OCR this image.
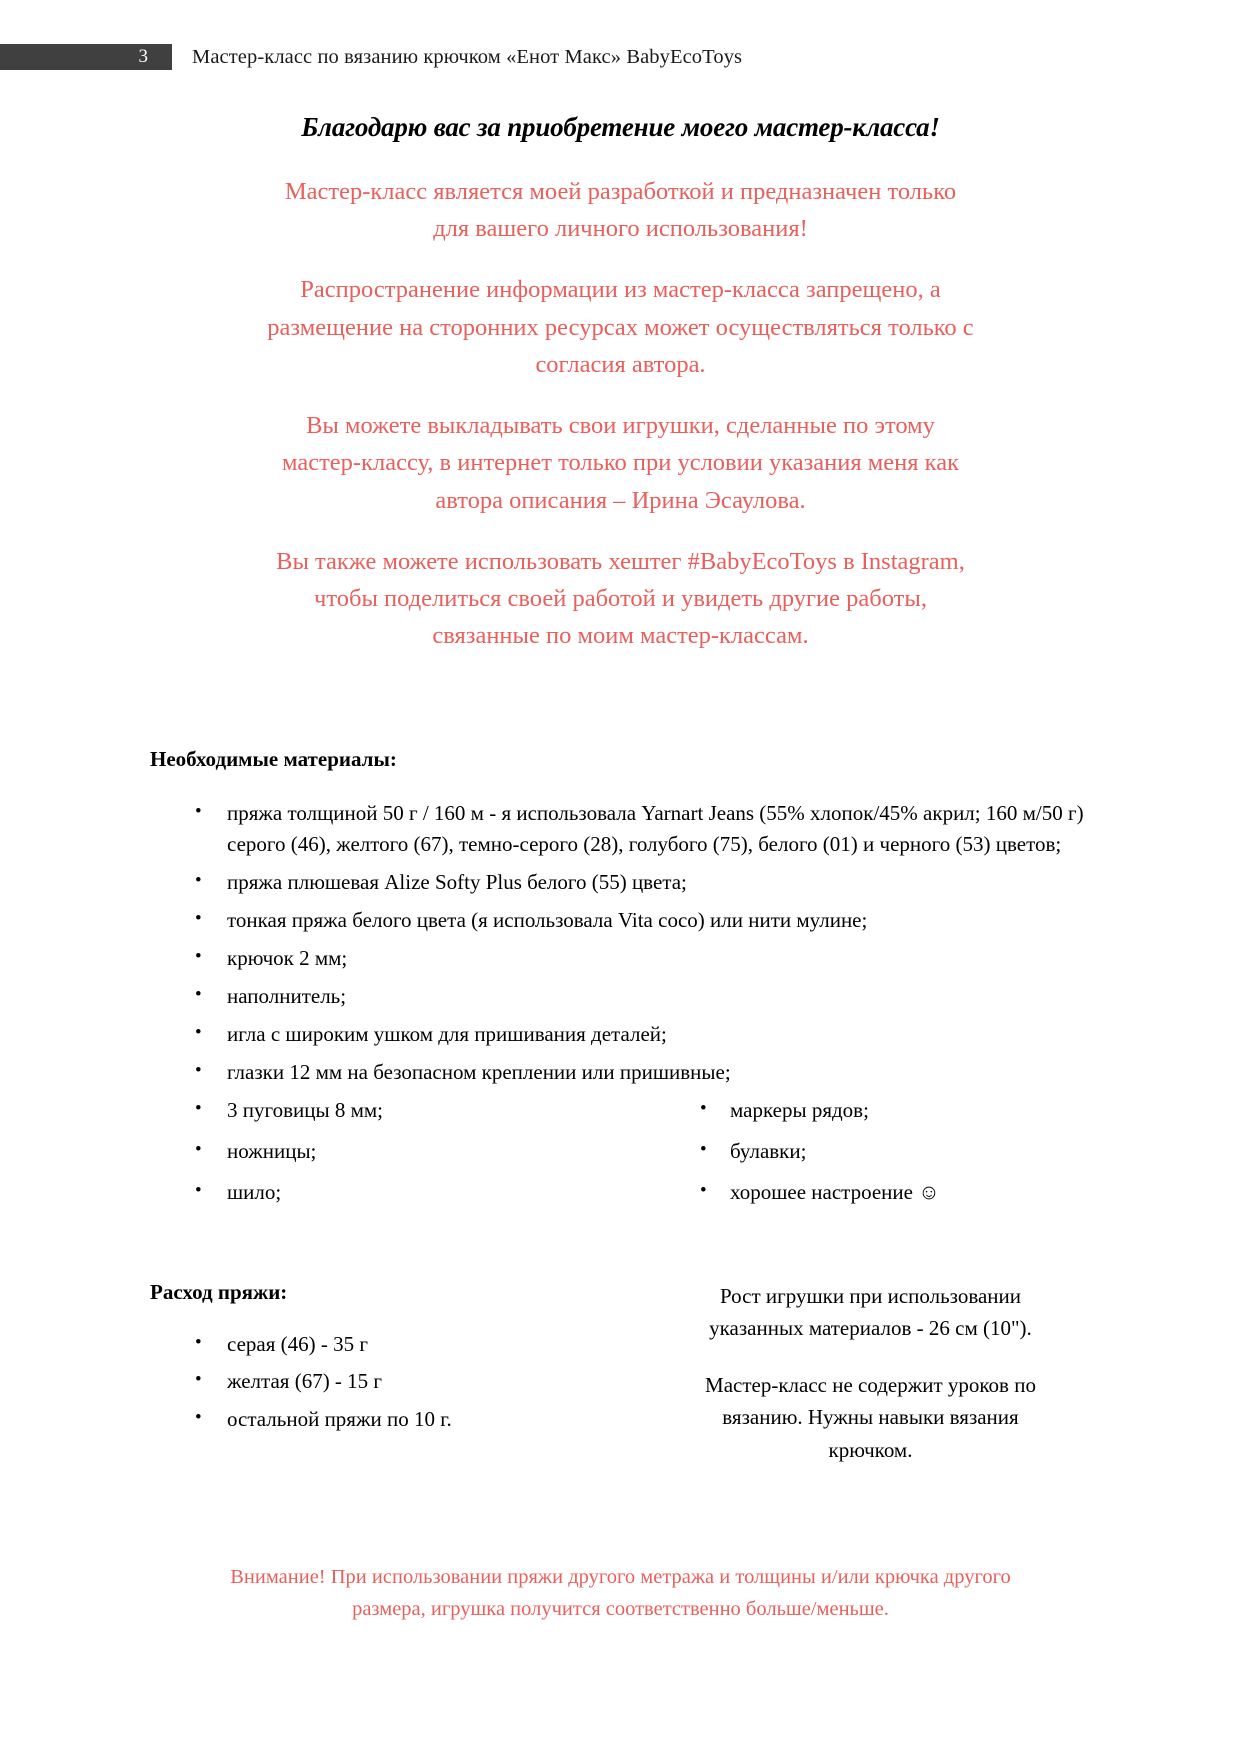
3 Мастер-класс по вязанию крючком «Енот Макс» BabyEcoToys
Благодарю вас за приобретение моего мастер-класса!

Мастер-класс является моей разработкой и предназначен только
для вашего личного использования!

Распространение информации из мастер-класса запрещено, а
размещение на сторонних ресурсах может осуществляться только с
согласия автора.

Вы можете выкладывать свои игрушки, сделанные по этому
мастер-классу, в интернет только при условии указания меня как
автора описания – Ирина Эсаулова.

Вы также можете использовать хештег #BabyEcoToys в Instagram,
чтобы поделиться своей работой и увидеть другие работы,
связанные по моим мастер-классам.

Необходимые материалы:
• пряжа толщиной 50 г / 160 м - я использовала Yarnart Jeans (55% хлопок/45% акрил; 160 м/50 г) серого (46), желтого (67), темно-серого (28), голубого (75), белого (01) и черного (53) цветов;
• пряжа плюшевая Alize Softy Plus белого (55) цвета;
• тонкая пряжа белого цвета (я использовала Vita coco) или нити мулине;
• крючок 2 мм;
• наполнитель;
• игла с широким ушком для пришивания деталей;
• глазки 12 мм на безопасном креплении или пришивные;
• 3 пуговицы 8 мм;
• ножницы;
• шило;
• маркеры рядов;
• булавки;
• хорошее настроение ☺
Расход пряжи:
• серая (46) - 35 г
• желтая (67) - 15 г
• остальной пряжи по 10 г.

Рост игрушки при использовании
указанных материалов - 26 см (10").

Мастер-класс не содержит уроков по
вязанию. Нужны навыки вязания
крючком.

Внимание! При использовании пряжи другого метража и толщины и/или крючка другого

размера, игрушка получится соответственно больше/меньше.
